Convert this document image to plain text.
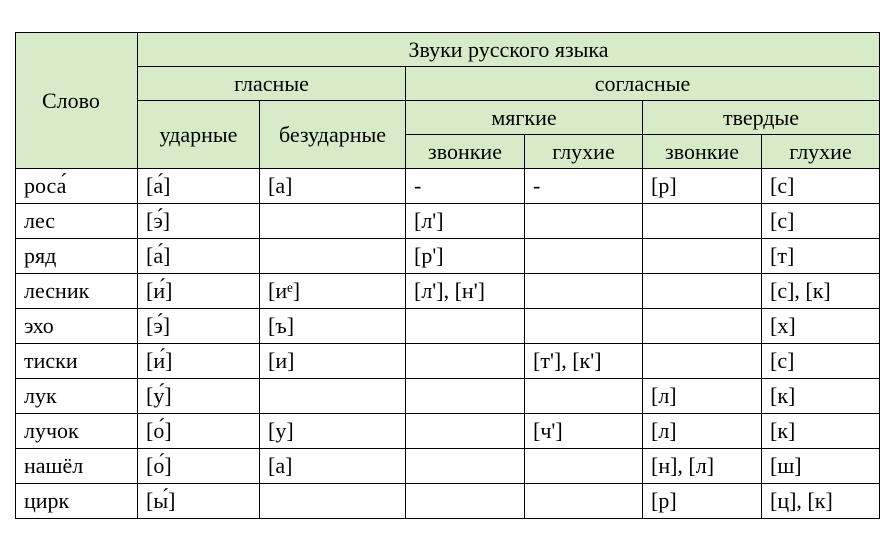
Слово	Звуки русского языка					
	гласные		согласные			
	ударные	безударные	мягкие		твердые	
			звонкие	глухие	звонкие	глухие
роса́	[а́]	[а]	-	-	[р]	[с]
лес	[э́]		[л']			[с]
ряд	[а́]		[р']			[т]
лесник	[и́]	[иᵉ]	[л'], [н']			[с], [к]
эхо	[э́]	[ъ]				[х]
тиски	[и́]	[и]		[т'], [к']		[с]
лук	[у́]				[л]	[к]
лучок	[о́]	[у]		[ч']	[л]	[к]
нашёл	[о́]	[а]			[н], [л]	[ш]
цирк	[ы́]				[р]	[ц], [к]
